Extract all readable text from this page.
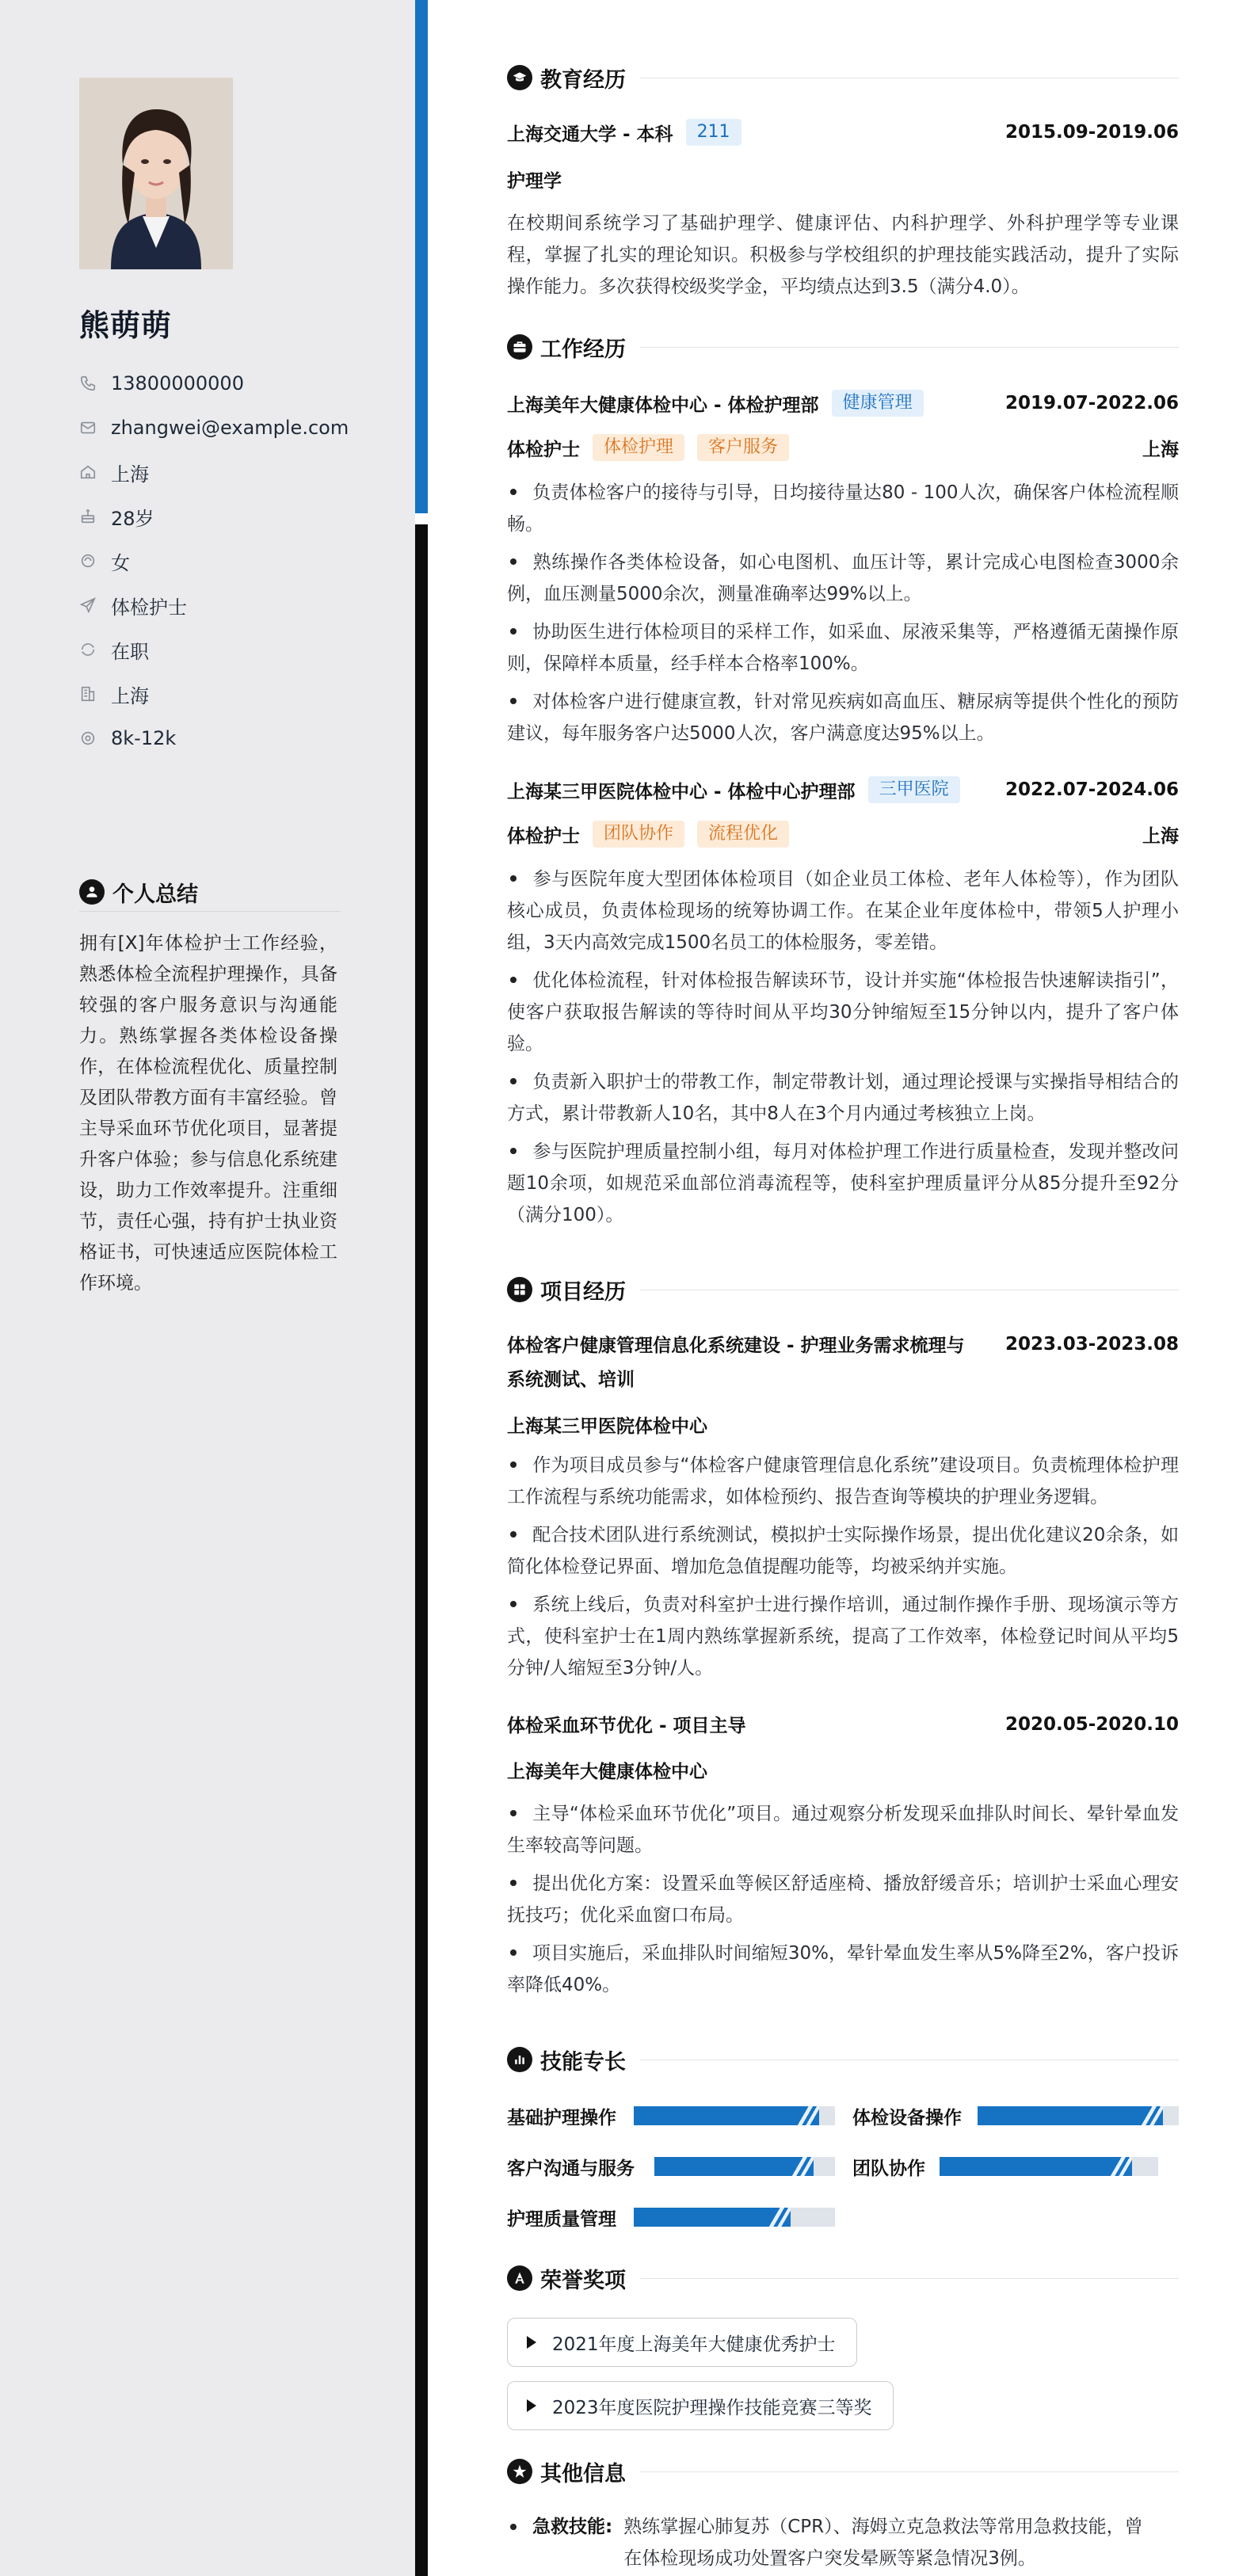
熊萌萌
13800000000
zhangwei@example.com
上海
28岁
女
体检护士
在职
上海
8k-12k
个人总结
拥有[X]年体检护士工作经验，熟悉体检全流程护理操作，具备较强的客户服务意识与沟通能力。熟练掌握各类体检设备操作，在体检流程优化、质量控制及团队带教方面有丰富经验。曾主导采血环节优化项目，显著提升客户体验；参与信息化系统建设，助力工作效率提升。注重细节，责任心强，持有护士执业资格证书，可快速适应医院体检工作环境。
教育经历
上海交通大学 - 本科	211	2015.09-2019.06
护理学
在校期间系统学习了基础护理学、健康评估、内科护理学、外科护理学等专业课程，掌握了扎实的理论知识。积极参与学校组织的护理技能实践活动，提升了实际操作能力。多次获得校级奖学金，平均绩点达到3.5（满分4.0）。
工作经历
上海美年大健康体检中心 - 体检护理部	健康管理	2019.07-2022.06
体检护士	体检护理	客户服务	上海
负责体检客户的接待与引导，日均接待量达80 - 100人次，确保客户体检流程顺畅。
熟练操作各类体检设备，如心电图机、血压计等，累计完成心电图检查3000余例，血压测量5000余次，测量准确率达99%以上。
协助医生进行体检项目的采样工作，如采血、尿液采集等，严格遵循无菌操作原则，保障样本质量，经手样本合格率100%。
对体检客户进行健康宣教，针对常见疾病如高血压、糖尿病等提供个性化的预防建议，每年服务客户达5000人次，客户满意度达95%以上。
上海某三甲医院体检中心 - 体检中心护理部	三甲医院	2022.07-2024.06
体检护士	团队协作	流程优化	上海
参与医院年度大型团体体检项目（如企业员工体检、老年人体检等），作为团队核心成员，负责体检现场的统筹协调工作。在某企业年度体检中，带领5人护理小组，3天内高效完成1500名员工的体检服务，零差错。
优化体检流程，针对体检报告解读环节，设计并实施“体检报告快速解读指引”，使客户获取报告解读的等待时间从平均30分钟缩短至15分钟以内，提升了客户体验。
负责新入职护士的带教工作，制定带教计划，通过理论授课与实操指导相结合的方式，累计带教新人10名，其中8人在3个月内通过考核独立上岗。
参与医院护理质量控制小组，每月对体检护理工作进行质量检查，发现并整改问题10余项，如规范采血部位消毒流程等，使科室护理质量评分从85分提升至92分（满分100）。
项目经历
体检客户健康管理信息化系统建设 - 护理业务需求梳理与 2023.03-2023.08
系统测试、培训
上海某三甲医院体检中心
作为项目成员参与“体检客户健康管理信息化系统”建设项目。负责梳理体检护理工作流程与系统功能需求，如体检预约、报告查询等模块的护理业务逻辑。
配合技术团队进行系统测试，模拟护士实际操作场景，提出优化建议20余条，如简化体检登记界面、增加危急值提醒功能等，均被采纳并实施。
系统上线后，负责对科室护士进行操作培训，通过制作操作手册、现场演示等方式，使科室护士在1周内熟练掌握新系统，提高了工作效率，体检登记时间从平均5分钟/人缩短至3分钟/人。
体检采血环节优化 - 项目主导	2020.05-2020.10
上海美年大健康体检中心
主导“体检采血环节优化”项目。通过观察分析发现采血排队时间长、晕针晕血发生率较高等问题。
提出优化方案：设置采血等候区舒适座椅、播放舒缓音乐；培训护士采血心理安抚技巧；优化采血窗口布局。
项目实施后，采血排队时间缩短30%，晕针晕血发生率从5%降至2%，客户投诉率降低40%。
技能专长
基础护理操作	体检设备操作
客户沟通与服务	团队协作
护理质量管理
荣誉奖项
2021年度上海美年大健康优秀护士
2023年度医院护理操作技能竞赛三等奖
其他信息
急救技能: 熟练掌握心肺复苏（CPR）、海姆立克急救法等常用急救技能，曾
在体检现场成功处置客户突发晕厥等紧急情况3例。
